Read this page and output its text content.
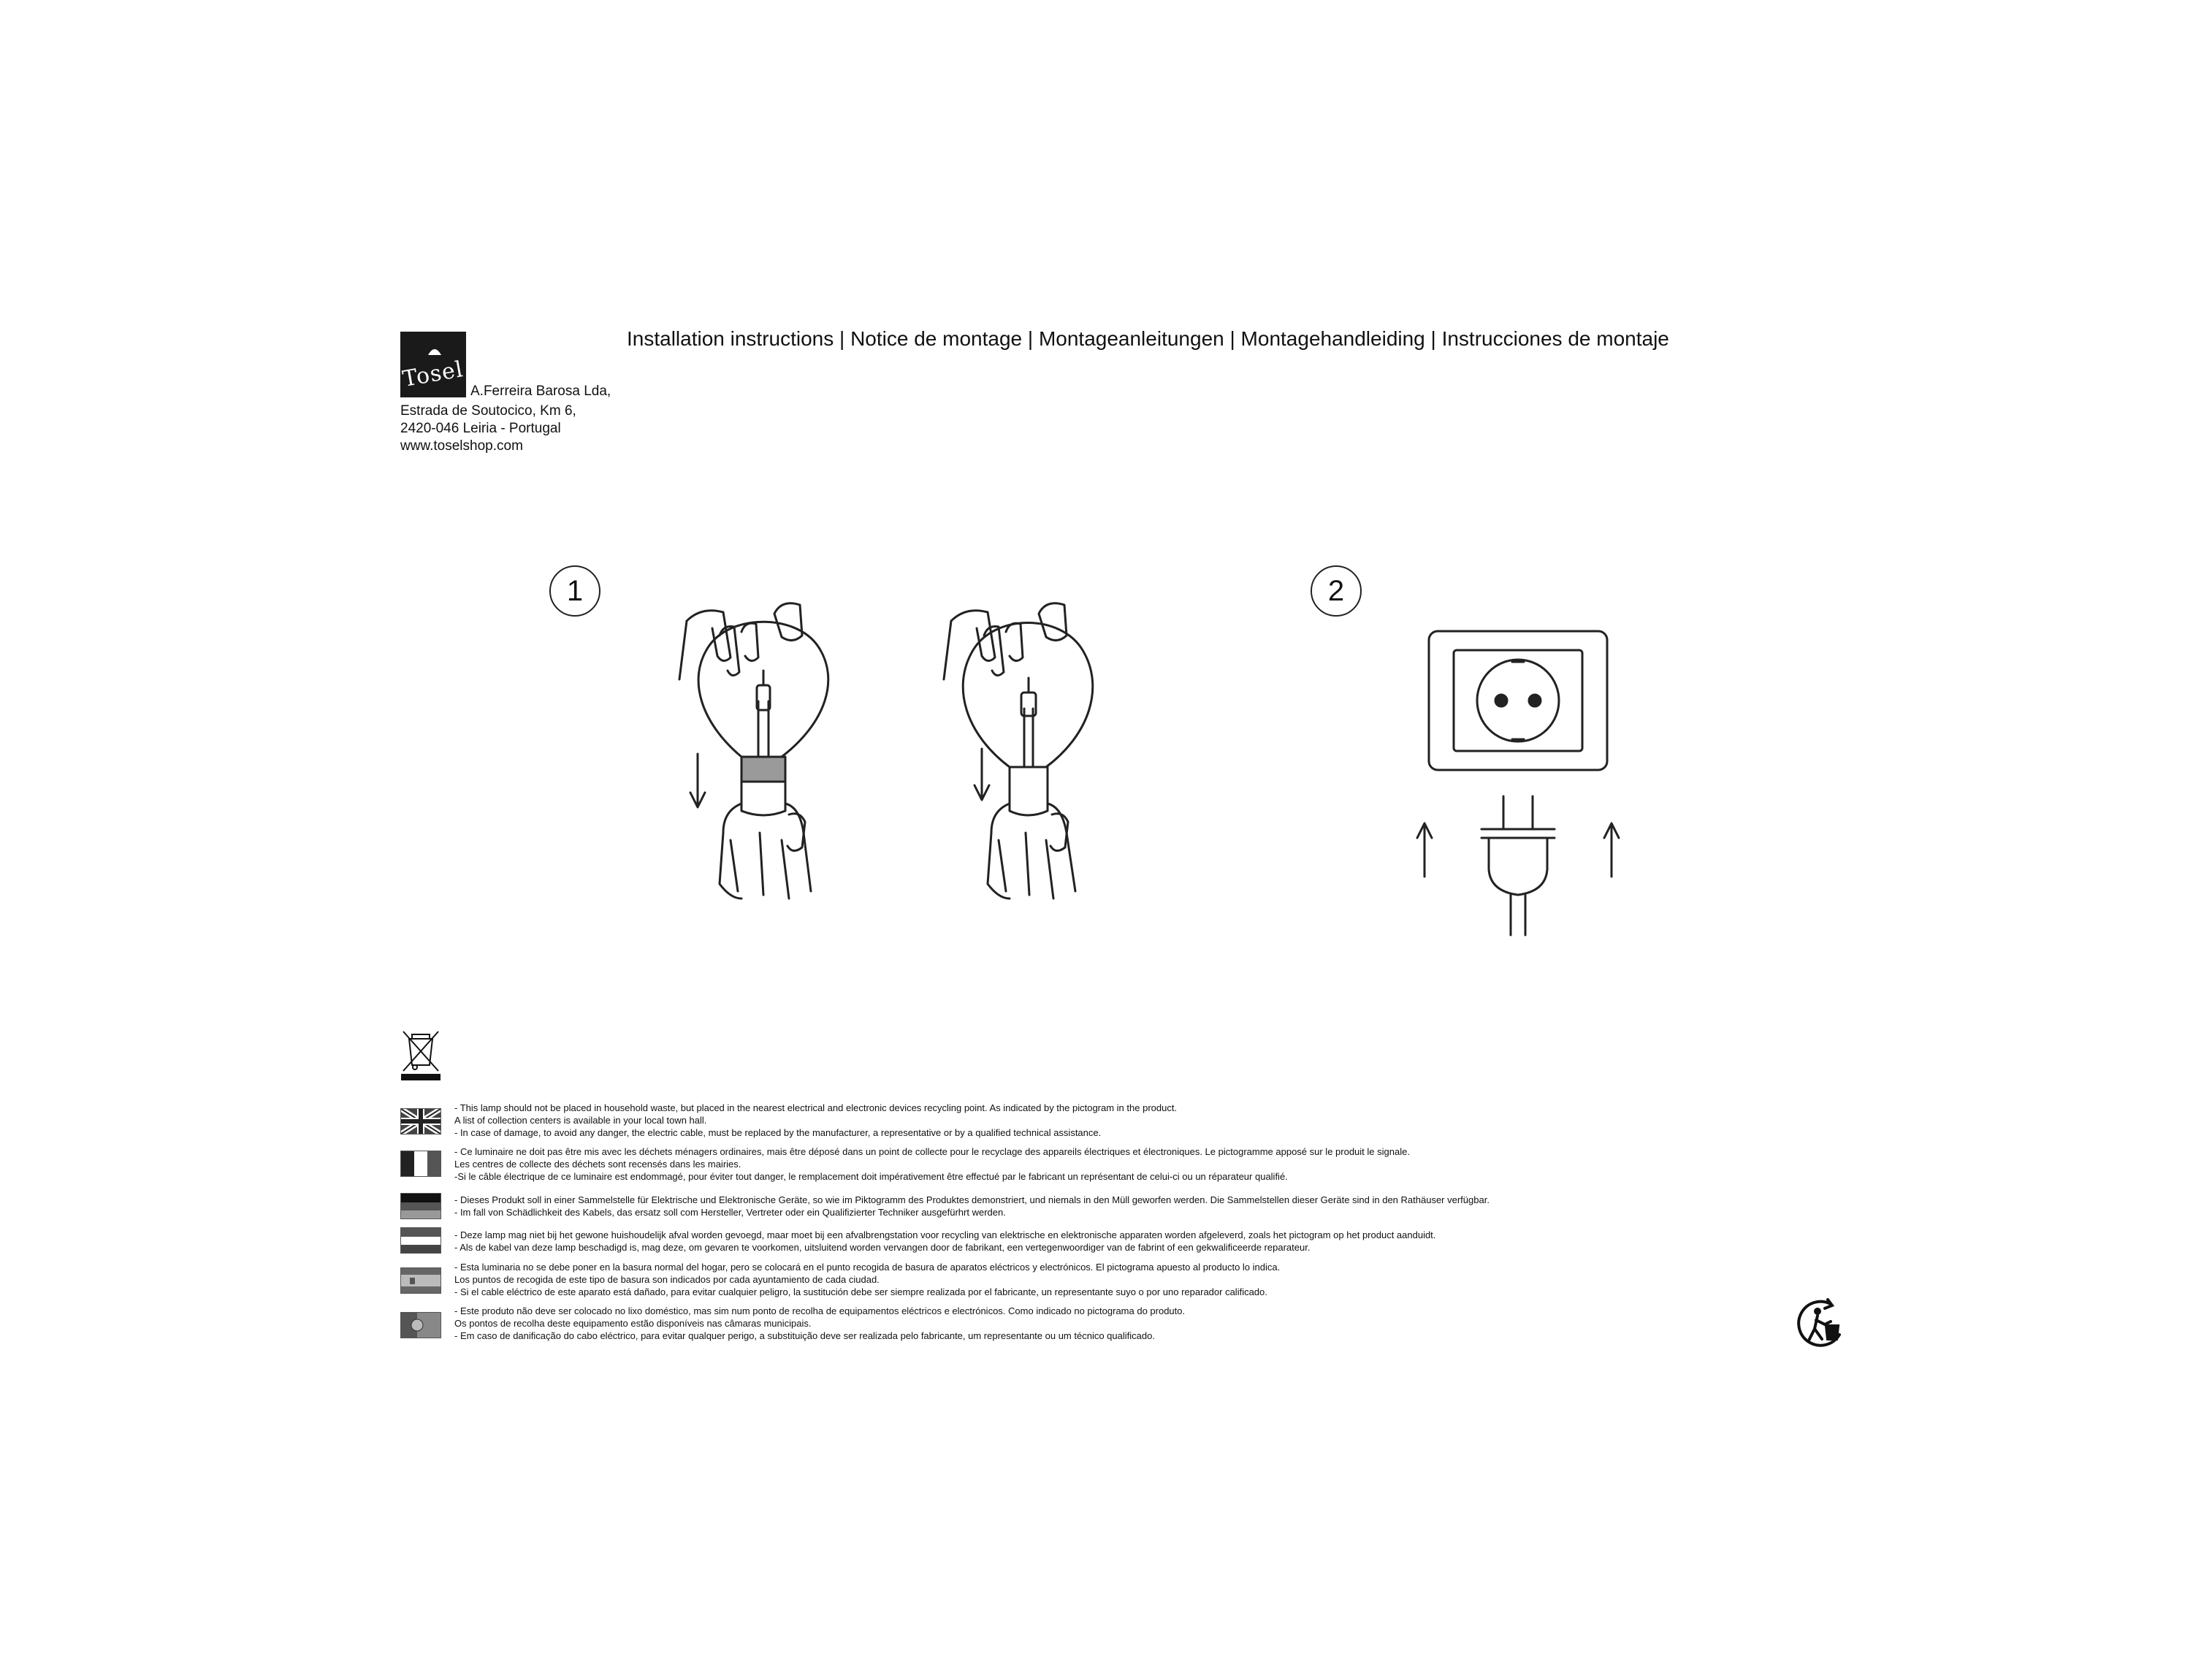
Tosel
Installation instructions | Notice de montage | Montageanleitungen | Montagehandleiding | Instrucciones de montaje
A.Ferreira Barosa Lda,
Estrada de Soutocico, Km 6,
2420-046 Leiria - Portugal
www.toselshop.com
1	2
- This lamp should not be placed in household waste, but placed in the nearest electrical and electronic devices recycling point. As indicated by the pictogram in the product.
A list of collection centers is available in your local town hall.
- In case of damage, to avoid any danger, the electric cable, must be replaced by the manufacturer, a representative or by a qualified technical assistance.
- Ce luminaire ne doit pas être mis avec les déchets ménagers ordinaires, mais être déposé dans un point de collecte pour le recyclage des appareils électriques et électroniques. Le pictogramme apposé sur le produit le signale.
Les centres de collecte des déchets sont recensés dans les mairies.
-Si le câble électrique de ce luminaire est endommagé, pour éviter tout danger, le remplacement doit impérativement être effectué par le fabricant un représentant de celui-ci ou un réparateur qualifié.
- Dieses Produkt soll in einer Sammelstelle für Elektrische und Elektronische Geräte, so wie im Piktogramm des Produktes demonstriert, und niemals in den Müll geworfen werden. Die Sammelstellen dieser Geräte sind in den Rathäuser verfügbar.
- Im fall von Schädlichkeit des Kabels, das ersatz soll com Hersteller, Vertreter oder ein Qualifizierter Techniker ausgefürhrt werden.
- Deze lamp mag niet bij het gewone huishoudelijk afval worden gevoegd, maar moet bij een afvalbrengstation voor recycling van elektrische en elektronische apparaten worden afgeleverd, zoals het pictogram op het product aanduidt.
- Als de kabel van deze lamp beschadigd is, mag deze, om gevaren te voorkomen, uitsluitend worden vervangen door de fabrikant, een vertegenwoordiger van de fabrint of een gekwalificeerde reparateur.
- Esta luminaria no se debe poner en la basura normal del hogar, pero se colocará en el punto recogida de basura de aparatos eléctricos y electrónicos. El pictograma apuesto al producto lo indica.
Los puntos de recogida de este tipo de basura son indicados por cada ayuntamiento de cada ciudad.
- Si el cable eléctrico de este aparato está dañado, para evitar cualquier peligro, la sustitución debe ser siempre realizada por el fabricante, un representante suyo o por uno reparador calificado.
- Este produto não deve ser colocado no lixo doméstico, mas sim num ponto de recolha de equipamentos eléctricos e electrónicos. Como indicado no pictograma do produto.
Os pontos de recolha deste equipamento estão disponíveis nas câmaras municipais.
- Em caso de danificação do cabo eléctrico, para evitar qualquer perigo, a substituição deve ser realizada pelo fabricante, um representante ou um técnico qualificado.
